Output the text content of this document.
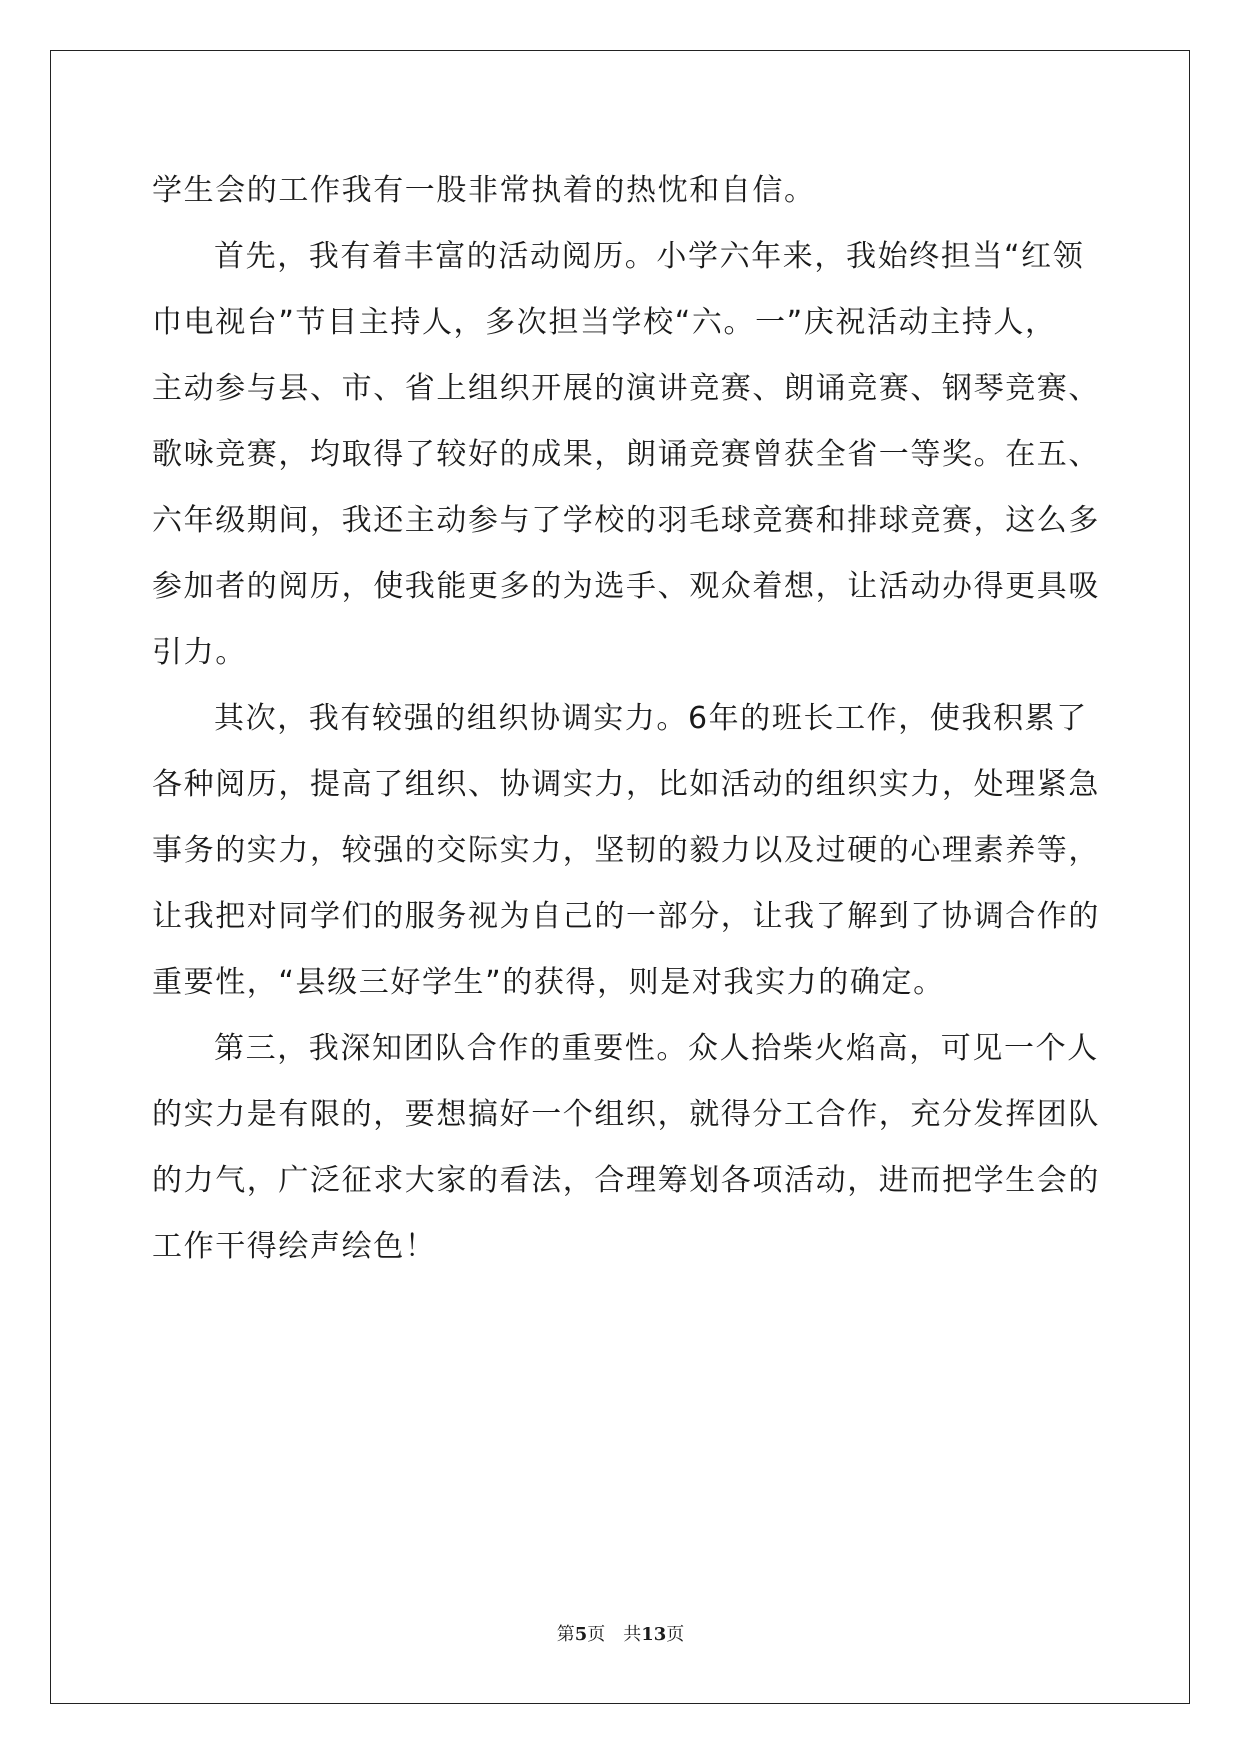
学生会的工作我有一股非常执着的热忱和自信。
首先，我有着丰富的活动阅历。小学六年来，我始终担当“红领
巾电视台”节目主持人，多次担当学校“六。一”庆祝活动主持人，
主动参与县、市、省上组织开展的演讲竞赛、朗诵竞赛、钢琴竞赛、
歌咏竞赛，均取得了较好的成果，朗诵竞赛曾获全省一等奖。在五、
六年级期间，我还主动参与了学校的羽毛球竞赛和排球竞赛，这么多
参加者的阅历，使我能更多的为选手、观众着想，让活动办得更具吸
引力。
其次，我有较强的组织协调实力。6年的班长工作，使我积累了
各种阅历，提高了组织、协调实力，比如活动的组织实力，处理紧急
事务的实力，较强的交际实力，坚韧的毅力以及过硬的心理素养等，
让我把对同学们的服务视为自己的一部分，让我了解到了协调合作的
重要性，“县级三好学生”的获得，则是对我实力的确定。
第三，我深知团队合作的重要性。众人拾柴火焰高，可见一个人
的实力是有限的，要想搞好一个组织，就得分工合作，充分发挥团队
的力气，广泛征求大家的看法，合理筹划各项活动，进而把学生会的
工作干得绘声绘色！
第5页 共13页
